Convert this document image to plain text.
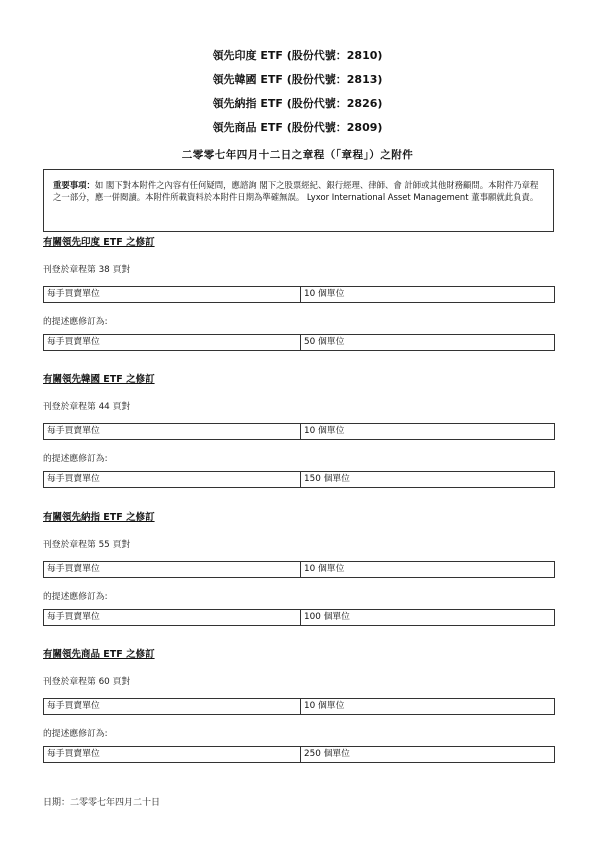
領先印度 ETF (股份代號：2810)
領先韓國 ETF (股份代號：2813)
領先納指 ETF (股份代號：2826)
領先商品 ETF (股份代號：2809)
二零零七年四月十二日之章程（「章程」）之附件
重要事項：如 閣下對本附件之內容有任何疑問，應諮詢 閣下之股票經紀、銀行經理、律師、會 計師或其他財務顧問。本附件乃章程之一部分，應一併閱讀。本附件所載資料於本附件日期為準確無誤。 Lyxor International Asset Management 董事願就此負責。
有關領先印度 ETF 之修訂
刊登於章程第 38 頁對
每手買賣單位	10 個單位
的提述應修訂為:
每手買賣單位	50 個單位
有關領先韓國 ETF 之修訂
刊登於章程第 44 頁對
每手買賣單位	10 個單位
的提述應修訂為:
每手買賣單位	150 個單位
有關領先納指 ETF 之修訂
刊登於章程第 55 頁對
每手買賣單位	10 個單位
的提述應修訂為:
每手買賣單位	100 個單位
有關領先商品 ETF 之修訂
刊登於章程第 60 頁對
每手買賣單位	10 個單位
的提述應修訂為:
每手買賣單位	250 個單位
日期：二零零七年四月二十日
